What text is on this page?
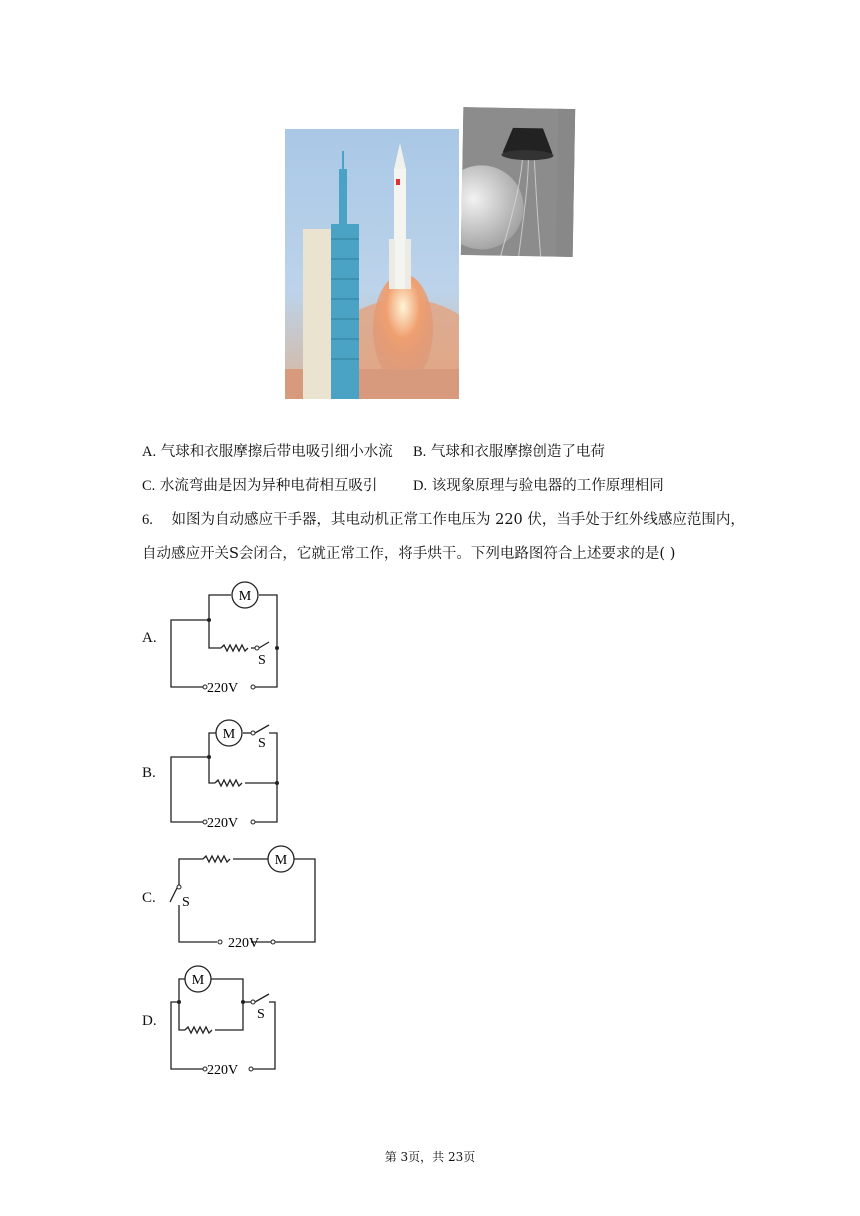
A. 气球和衣服摩擦后带电吸引细小水流 B. 气球和衣服摩擦创造了电荷
C. 水流弯曲是因为异种电荷相互吸引 D. 该现象原理与验电器的工作原理相同
6. 如图为自动感应干手器，其电动机正常工作电压为 220 伏，当手处于红外线感应范围内，
自动感应开关S会闭合，它就正常工作，将手烘干。下列电路图符合上述要求的是( )
A.
M
S
220V
B.
M
S
220V
C.
M
S
220V
D.
M
S
220V
第 3页，共 23页
